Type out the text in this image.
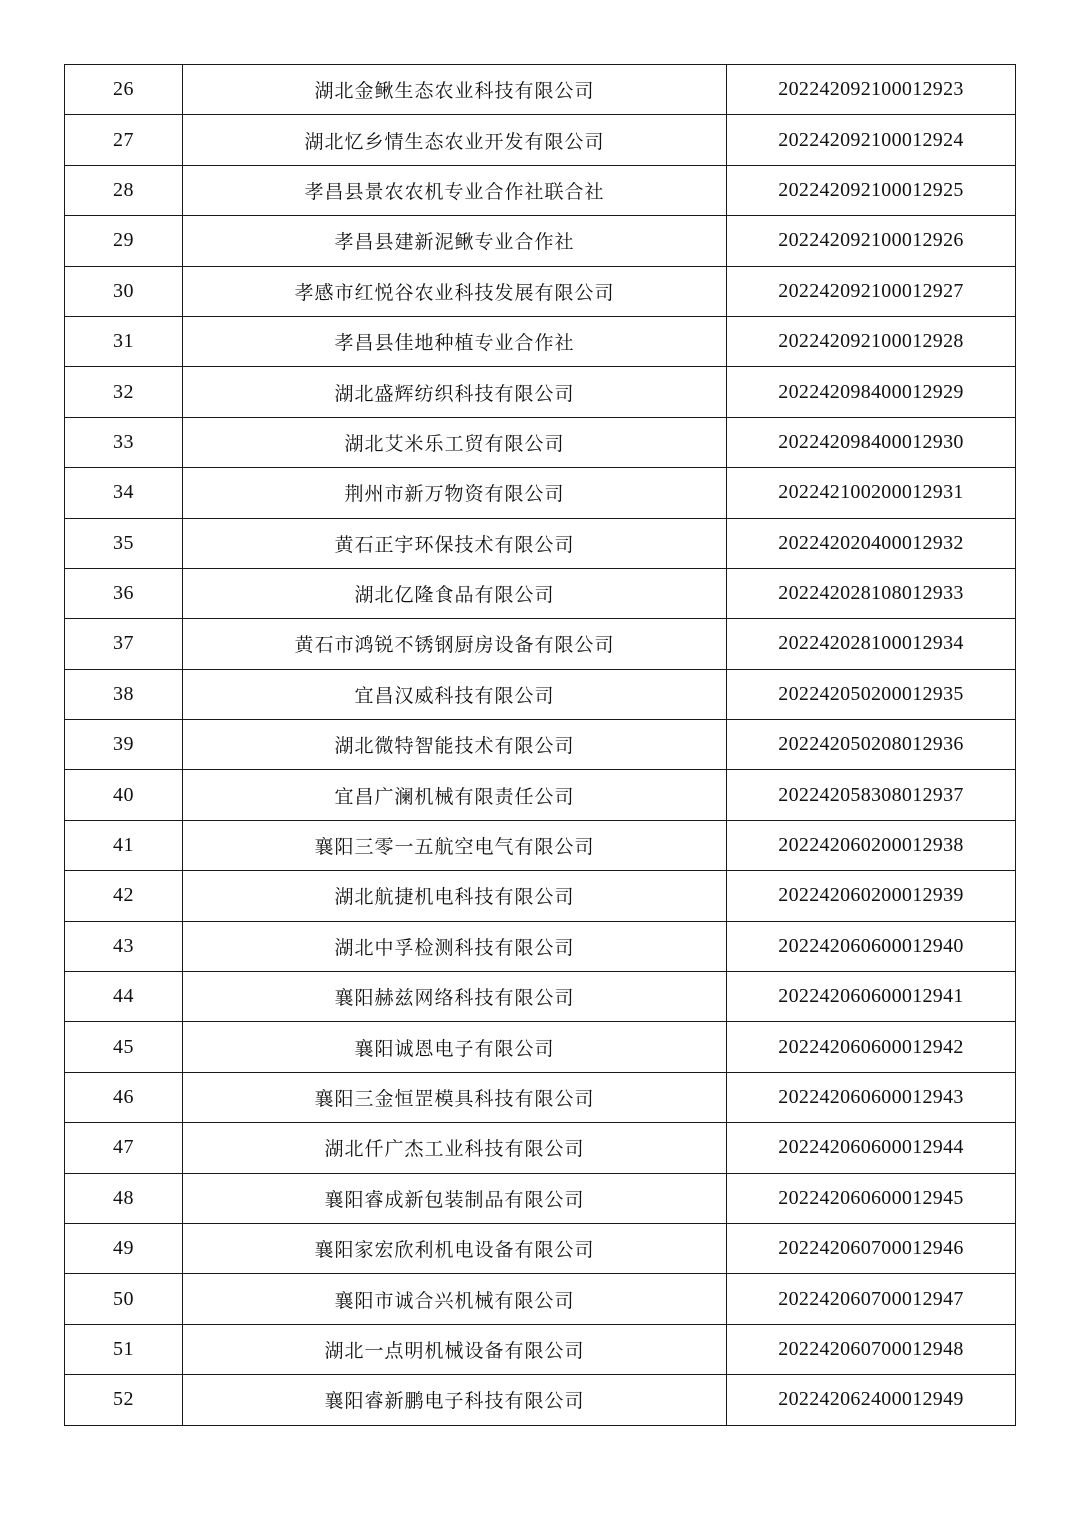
26	湖北金鳅生态农业科技有限公司	202242092100012923
27	湖北忆乡情生态农业开发有限公司	202242092100012924
28	孝昌县景农农机专业合作社联合社	202242092100012925
29	孝昌县建新泥鳅专业合作社	202242092100012926
30	孝感市红悦谷农业科技发展有限公司	202242092100012927
31	孝昌县佳地种植专业合作社	202242092100012928
32	湖北盛辉纺织科技有限公司	202242098400012929
33	湖北艾米乐工贸有限公司	202242098400012930
34	荆州市新万物资有限公司	202242100200012931
35	黄石正宇环保技术有限公司	202242020400012932
36	湖北亿隆食品有限公司	202242028108012933
37	黄石市鸿锐不锈钢厨房设备有限公司	202242028100012934
38	宜昌汉威科技有限公司	202242050200012935
39	湖北微特智能技术有限公司	202242050208012936
40	宜昌广澜机械有限责任公司	202242058308012937
41	襄阳三零一五航空电气有限公司	202242060200012938
42	湖北航捷机电科技有限公司	202242060200012939
43	湖北中孚检测科技有限公司	202242060600012940
44	襄阳赫兹网络科技有限公司	202242060600012941
45	襄阳诚恩电子有限公司	202242060600012942
46	襄阳三金恒罡模具科技有限公司	202242060600012943
47	湖北仟广杰工业科技有限公司	202242060600012944
48	襄阳睿成新包装制品有限公司	202242060600012945
49	襄阳家宏欣利机电设备有限公司	202242060700012946
50	襄阳市诚合兴机械有限公司	202242060700012947
51	湖北一点明机械设备有限公司	202242060700012948
52	襄阳睿新鹏电子科技有限公司	202242062400012949
